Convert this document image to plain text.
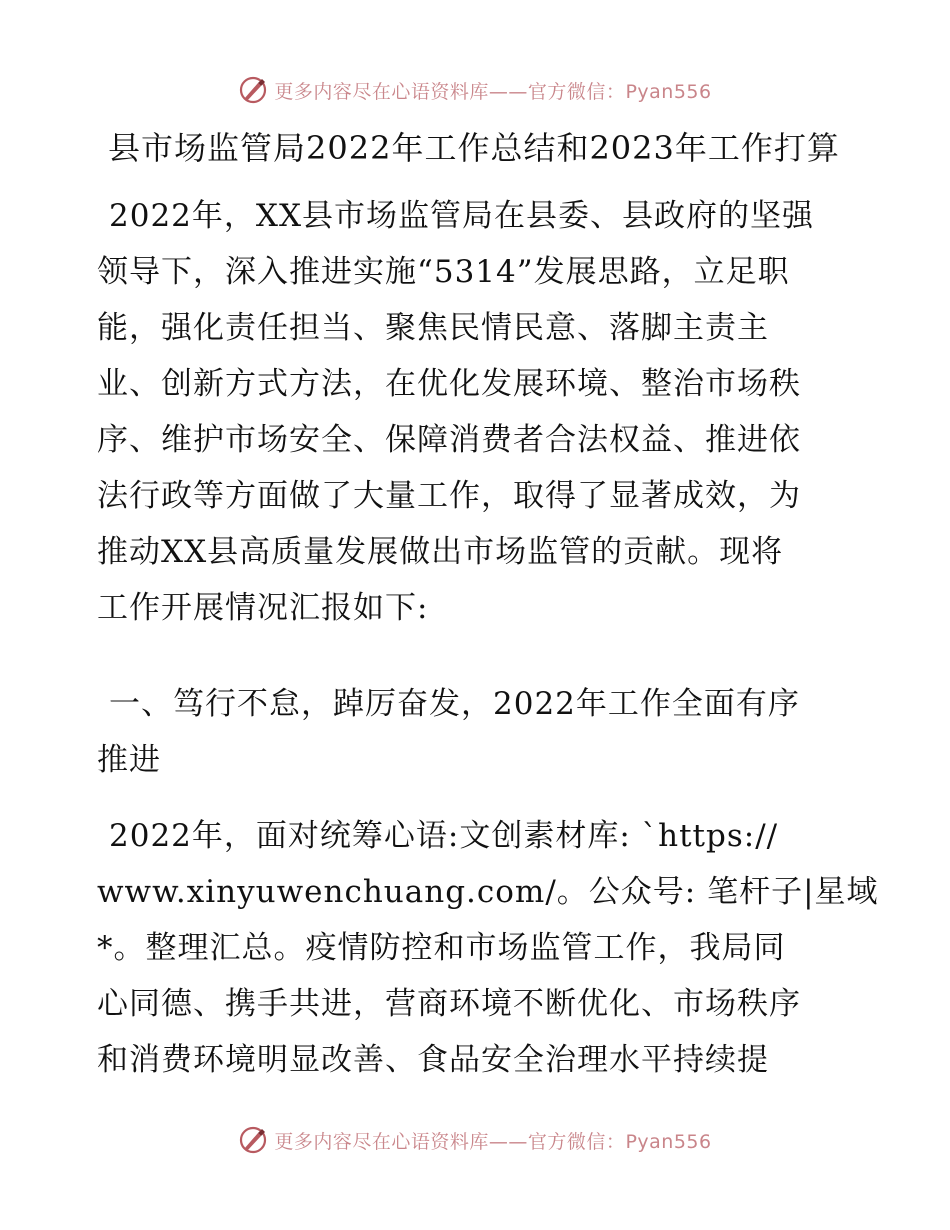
更多内容尽在心语资料库——官方微信：Pyan556
县市场监管局2022年工作总结和2023年工作打算
2022年，XX县市场监管局在县委、县政府的坚强
领导下，深入推进实施“5314”发展思路，立足职
能，强化责任担当、聚焦民情民意、落脚主责主
业、创新方式方法，在优化发展环境、整治市场秩
序、维护市场安全、保障消费者合法权益、推进依
法行政等方面做了大量工作，取得了显著成效，为
推动XX县高质量发展做出市场监管的贡献。现将
工作开展情况汇报如下:
一、笃行不怠，踔厉奋发，2022年工作全面有序
推进
2022年，面对统筹心语:文创素材库: `https://
www.xinyuwenchuang.com/。公众号: 笔杆子|星域
*。整理汇总。疫情防控和市场监管工作，我局同
心同德、携手共进，营商环境不断优化、市场秩序
和消费环境明显改善、食品安全治理水平持续提
更多内容尽在心语资料库——官方微信：Pyan556
